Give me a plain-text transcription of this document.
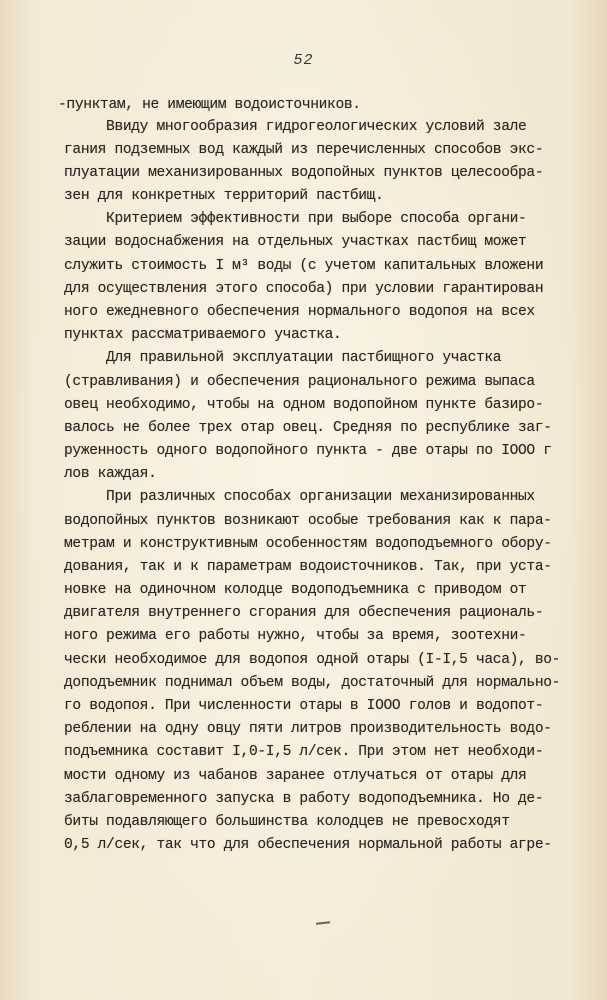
52
-пунктам, не имеющим водоисточников.
Ввиду многообразия гидрогеологических условий зале
гания подземных вод каждый из перечисленных способов экс-
плуатации механизированных водопойных пунктов целесообра-
зен для конкретных территорий пастбищ.
Критерием эффективности при выборе способа органи-
зации водоснабжения на отдельных участках пастбищ может
служить стоимость I м³ воды (с учетом капитальных вложени
для осуществления этого способа) при условии гарантирован
ного ежедневного обеспечения нормального водопоя на всех
пунктах рассматриваемого участка.
Для правильной эксплуатации пастбищного участка
(стравливания) и обеспечения рационального режима выпаса
овец необходимо, чтобы на одном водопойном пункте базиро-
валось не более трех отар овец. Средняя по республике заг-
руженность одного водопойного пункта - две отары по IOOO г
лов каждая.
При различных способах организации механизированных
водопойных пунктов возникают особые требования как к пара-
метрам и конструктивным особенностям водоподъемного обору-
дования, так и к параметрам водоисточников. Так, при уста-
новке на одиночном колодце водоподъемника с приводом от
двигателя внутреннего сгорания для обеспечения рациональ-
ного режима его работы нужно, чтобы за время, зоотехни-
чески необходимое для водопоя одной отары (I-I,5 часа), во-
доподъемник поднимал объем воды, достаточный для нормально-
го водопоя. При численности отары в IOOO голов и водопот-
реблении на одну овцу пяти литров производительность водо-
подъемника составит I,0-I,5 л/сек. При этом нет необходи-
мости одному из чабанов заранее отлучаться от отары для
заблаговременного запуска в работу водоподъемника. Но де-
биты подавляющего большинства колодцев не превосходят
0,5 л/сек, так что для обеспечения нормальной работы агре-
